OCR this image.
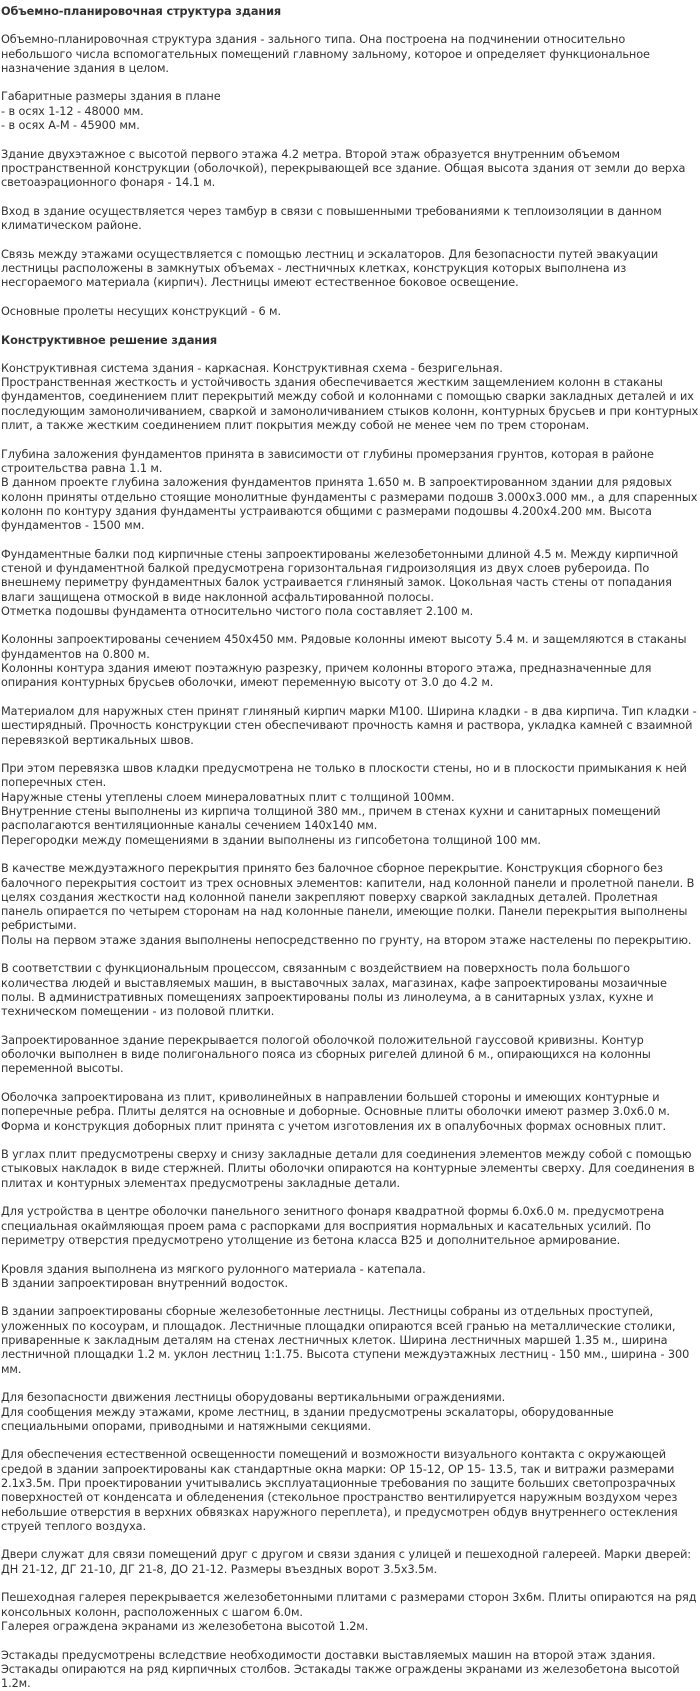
Объемно-планировочная структура здания

Объемно-планировочная структура здания - зального типа. Она построена на подчинении относительно небольшого числа вспомогательных помещений главному зальному, которое и определяет функциональное назначение здания в целом.

Габаритные размеры здания в плане
- в осях 1-12 - 48000 мм.
- в осях А-М - 45900 мм.

Здание двухэтажное с высотой первого этажа 4.2 метра. Второй этаж образуется внутренним объемом пространственной конструкции (оболочкой), перекрывающей все здание. Общая высота здания от земли до верха светоаэрационного фонаря - 14.1 м.

Вход в здание осуществляется через тамбур в связи с повышенными требованиями к теплоизоляции в данном климатическом районе.

Связь между этажами осуществляется с помощью лестниц и эскалаторов. Для безопасности путей эвакуации лестницы расположены в замкнутых объемах - лестничных клетках, конструкция которых выполнена из несгораемого материала (кирпич). Лестницы имеют естественное боковое освещение.

Основные пролеты несущих конструкций - 6 м.

Конструктивное решение здания

Конструктивная система здания - каркасная. Конструктивная схема - безригельная.
Пространственная жесткость и устойчивость здания обеспечивается жестким защемлением колонн в стаканы фундаментов, соединением плит перекрытий между собой и колоннами с помощью сварки закладных деталей и их последующим замоноличиванием, сваркой и замоноличиванием стыков колонн, контурных брусьев и при контурных плит, а также жестким соединением плит покрытия между собой не менее чем по трем сторонам.

Глубина заложения фундаментов принята в зависимости от глубины промерзания грунтов, которая в районе строительства равна 1.1 м.
В данном проекте глубина заложения фундаментов принята 1.650 м. В запроектированном здании для рядовых колонн приняты отдельно стоящие монолитные фундаменты с размерами подошв 3.000х3.000 мм., а для спаренных колонн по контуру здания фундаменты устраиваются общими с размерами подошвы 4.200х4.200 мм. Высота фундаментов - 1500 мм.

Фундаментные балки под кирпичные стены запроектированы железобетонными длиной 4.5 м. Между кирпичной стеной и фундаментной балкой предусмотрена горизонтальная гидроизоляция из двух слоев рубероида. По внешнему периметру фундаментных балок устраивается глиняный замок. Цокольная часть стены от попадания влаги защищена отмоской в виде наклонной асфальтированной полосы.
Отметка подошвы фундамента относительно чистого пола составляет 2.100 м.

Колонны запроектированы сечением 450х450 мм. Рядовые колонны имеют высоту 5.4 м. и защемляются в стаканы фундаментов на 0.800 м.
Колонны контура здания имеют поэтажную разрезку, причем колонны второго этажа, предназначенные для опирания контурных брусьев оболочки, имеют переменную высоту от 3.0 до 4.2 м.

Материалом для наружных стен принят глиняный кирпич марки М100. Ширина кладки - в два кирпича. Тип кладки - шестирядный. Прочность конструкции стен обеспечивают прочность камня и раствора, укладка камней с взаимной перевязкой вертикальных швов.

При этом перевязка швов кладки предусмотрена не только в плоскости стены, но и в плоскости примыкания к ней поперечных стен.
Наружные стены утеплены слоем минераловатных плит с толщиной 100мм.
Внутренние стены выполнены из кирпича толщиной 380 мм., причем в стенах кухни и санитарных помещений располагаются вентиляционные каналы сечением 140х140 мм.
Перегородки между помещениями в здании выполнены из гипсобетона толщиной 100 мм.

В качестве междуэтажного перекрытия принято без балочное сборное перекрытие. Конструкция сборного без балочного перекрытия состоит из трех основных элементов: капители, над колонной панели и пролетной панели. В целях создания жесткости над колонной панели закрепляют поверху сваркой закладных деталей. Пролетная панель опирается по четырем сторонам на над колонные панели, имеющие полки. Панели перекрытия выполнены ребристыми.
Полы на первом этаже здания выполнены непосредственно по грунту, на втором этаже настелены по перекрытию.

В соответствии с функциональным процессом, связанным с воздействием на поверхность пола большого количества людей и выставляемых машин, в выставочных залах, магазинах, кафе запроектированы мозаичные полы. В административных помещениях запроектированы полы из линолеума, а в санитарных узлах, кухне и техническом помещении - из половой плитки.

Запроектированное здание перекрывается пологой оболочкой положительной гауссовой кривизны. Контур оболочки выполнен в виде полигонального пояса из сборных ригелей длиной 6 м., опирающихся на колонны переменной высоты.

Оболочка запроектирована из плит, криволинейных в направлении большей стороны и имеющих контурные и поперечные ребра. Плиты делятся на основные и доборные. Основные плиты оболочки имеют размер 3.0х6.0 м. Форма и конструкция доборных плит принята с учетом изготовления их в опалубочных формах основных плит.

В углах плит предусмотрены сверху и снизу закладные детали для соединения элементов между собой с помощью стыковых накладок в виде стержней. Плиты оболочки опираются на контурные элементы сверху. Для соединения в плитах и контурных элементах предусмотрены закладные детали.

Для устройства в центре оболочки панельного зенитного фонаря квадратной формы 6.0х6.0 м. предусмотрена специальная окаймляющая проем рама с распорками для восприятия нормальных и касательных усилий. По периметру отверстия предусмотрено утолщение из бетона класса В25 и дополнительное армирование.

Кровля здания выполнена из мягкого рулонного материала - катепала.
В здании запроектирован внутренний водосток.

В здании запроектированы сборные железобетонные лестницы. Лестницы собраны из отдельных проступей, уложенных по косоурам, и площадок. Лестничные площадки опираются всей гранью на металлические столики, приваренные к закладным деталям на стенах лестничных клеток. Ширина лестничных маршей 1.35 м., ширина лестничной площадки 1.2 м. уклон лестниц 1:1.75. Высота ступени междуэтажных лестниц - 150 мм., ширина - 300 мм.

Для безопасности движения лестницы оборудованы вертикальными ограждениями.
Для сообщения между этажами, кроме лестниц, в здании предусмотрены эскалаторы, оборудованные специальными опорами, приводными и натяжными секциями.

Для обеспечения естественной освещенности помещений и возможности визуального контакта с окружающей средой в здании запроектированы как стандартные окна марки: ОР 15-12, ОР 15- 13.5, так и витражи размерами 2.1х3.5м. При проектировании учитывались эксплуатационные требования по защите больших светопрозрачных поверхностей от конденсата и обледенения (стекольное пространство вентилируется наружным воздухом через небольшие отверстия в верхних обвязках наружного переплета), и предусмотрен обдув внутреннего остекления струей теплого воздуха.

Двери служат для связи помещений друг с другом и связи здания с улицей и пешеходной галереей. Марки дверей: ДН 21-12, ДГ 21-10, ДГ 21-8, ДО 21-12. Размеры въездных ворот 3.5х3.5м.

Пешеходная галерея перекрывается железобетонными плитами с размерами сторон 3х6м. Плиты опираются на ряд консольных колонн, расположенных с шагом 6.0м.
Галерея ограждена экранами из железобетона высотой 1.2м.

Эстакады предусмотрены вследствие необходимости доставки выставляемых машин на второй этаж здания. Эстакады опираются на ряд кирпичных столбов. Эстакады также ограждены экранами из железобетона высотой 1.2м.
